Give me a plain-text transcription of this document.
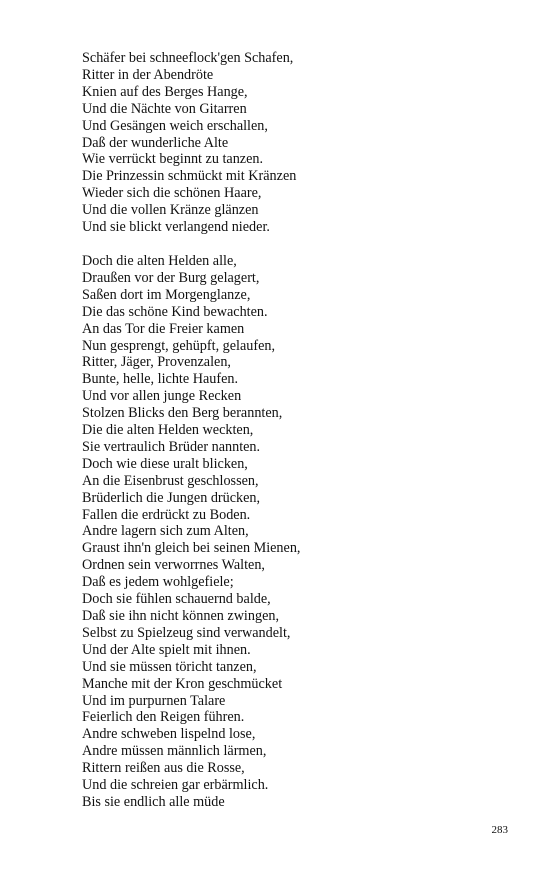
Schäfer bei schneeflock'gen Schafen,
Ritter in der Abendröte
Knien auf des Berges Hange,
Und die Nächte von Gitarren
Und Gesängen weich erschallen,
Daß der wunderliche Alte
Wie verrückt beginnt zu tanzen.
Die Prinzessin schmückt mit Kränzen
Wieder sich die schönen Haare,
Und die vollen Kränze glänzen
Und sie blickt verlangend nieder.
Doch die alten Helden alle,
Draußen vor der Burg gelagert,
Saßen dort im Morgenglanze,
Die das schöne Kind bewachten.
An das Tor die Freier kamen
Nun gesprengt, gehüpft, gelaufen,
Ritter, Jäger, Provenzalen,
Bunte, helle, lichte Haufen.
Und vor allen junge Recken
Stolzen Blicks den Berg berannten,
Die die alten Helden weckten,
Sie vertraulich Brüder nannten.
Doch wie diese uralt blicken,
An die Eisenbrust geschlossen,
Brüderlich die Jungen drücken,
Fallen die erdrückt zu Boden.
Andre lagern sich zum Alten,
Graust ihn'n gleich bei seinen Mienen,
Ordnen sein verworrnes Walten,
Daß es jedem wohlgefiele;
Doch sie fühlen schauernd balde,
Daß sie ihn nicht können zwingen,
Selbst zu Spielzeug sind verwandelt,
Und der Alte spielt mit ihnen.
Und sie müssen töricht tanzen,
Manche mit der Kron geschmücket
Und im purpurnen Talare
Feierlich den Reigen führen.
Andre schweben lispelnd lose,
Andre müssen männlich lärmen,
Rittern reißen aus die Rosse,
Und die schreien gar erbärmlich.
Bis sie endlich alle müde
283
